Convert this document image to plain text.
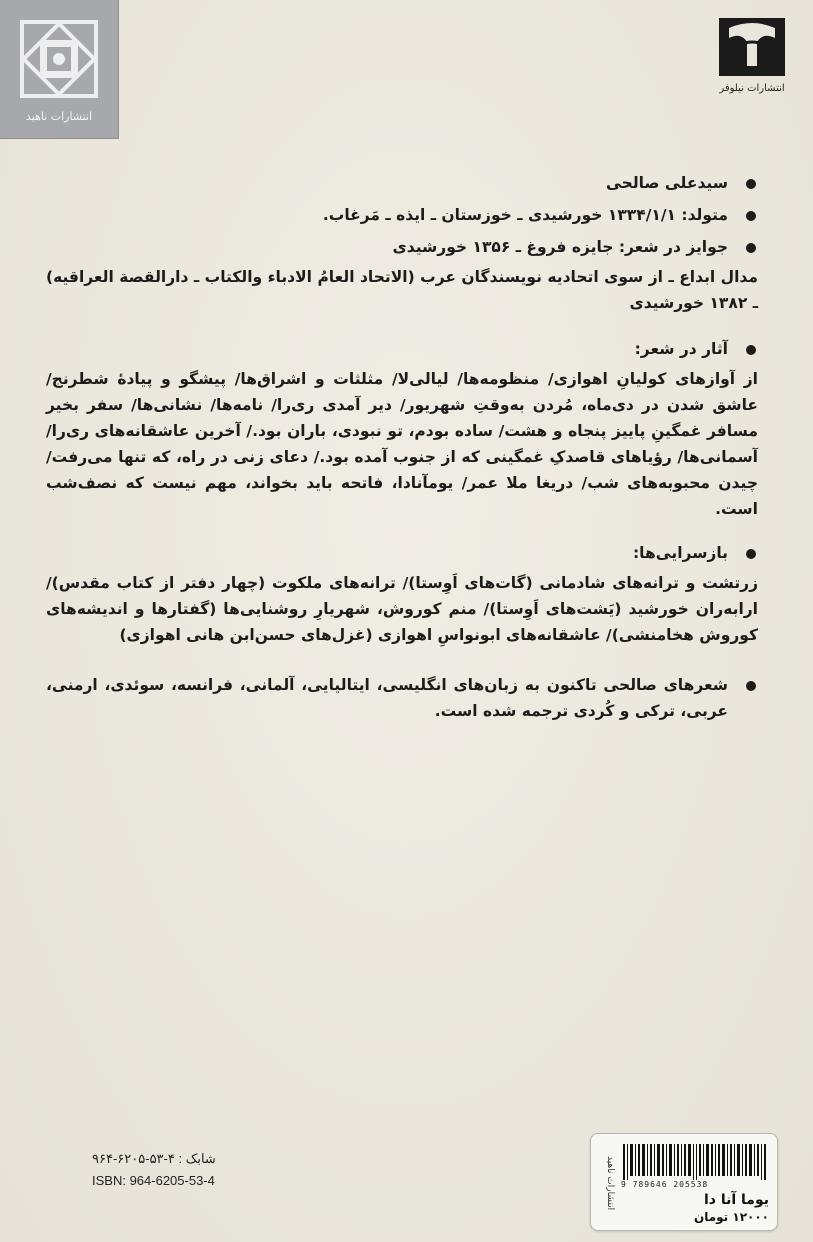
انتشارات ناهید
انتشارات نیلوفر
سیدعلی صالحی
متولد: ۱۳۳۴/۱/۱ خورشیدی ـ خوزستان ـ ایذه ـ مَرغاب.
جوایز در شعر: جایزه فروغ ـ ۱۳۵۶ خورشیدی
مدال ابداع ـ از سوی اتحادیه نویسندگان عرب (الاتحاد العامُ الادباء والکتاب ـ دارالقصة العراقیه) ـ ۱۳۸۲ خورشیدی
آثار در شعر:
از آوازهای کولیانِ اهوازی/ منظومه‌ها/ لیالی‌لا/ مثلثات و اشراق‌ها/ پیشگو و پیادهٔ شطرنج/ عاشق شدن در دی‌ماه، مُردن به‌وقتِ شهریور/ دیر آمدی ری‌را/ نامه‌ها/ نشانی‌ها/ سفر بخیر مسافر غمگینِ پاییز پنجاه و هشت/ ساده بودم، تو نبودی، باران بود./ آخرین عاشقانه‌های ری‌را/ آسمانی‌ها/ رؤیاهای قاصدکِ غمگینی که از جنوب آمده بود./ دعای زنی در راه، که تنها می‌رفت/ چیدن محبوبه‌های شب/ دریغا ملا عمر/ یومآنادا، فاتحه باید بخواند، مهم نیست که نصف‌شب است.
بازسرایی‌ها:
زرتشت و ترانه‌های شادمانی (گات‌های اَوِستا)/ ترانه‌های ملکوت (چهار دفتر از کتاب مقدس)/ ارابه‌ران خورشید (یَشت‌های اَوِستا)/ منم کوروش، شهریارِ روشنایی‌ها (گفتارها و اندیشه‌های کوروش هخامنشی)/ عاشقانه‌های ابونواسِ اهوازی (غزل‌های حسن‌ابن هانی اهوازی)
شعرهای صالحی تاکنون به زبان‌های انگلیسی، ایتالیایی، آلمانی، فرانسه، سوئدی، ارمنی، عربی، ترکی و کُردی ترجمه شده است.
شابک : ۴-۵۳-۶۲۰۵-۹۶۴
ISBN: 964-6205-53-4	انتشارات ناهید 9 789646 205538
یوما آنا دا
۱۲۰۰۰ تومان
